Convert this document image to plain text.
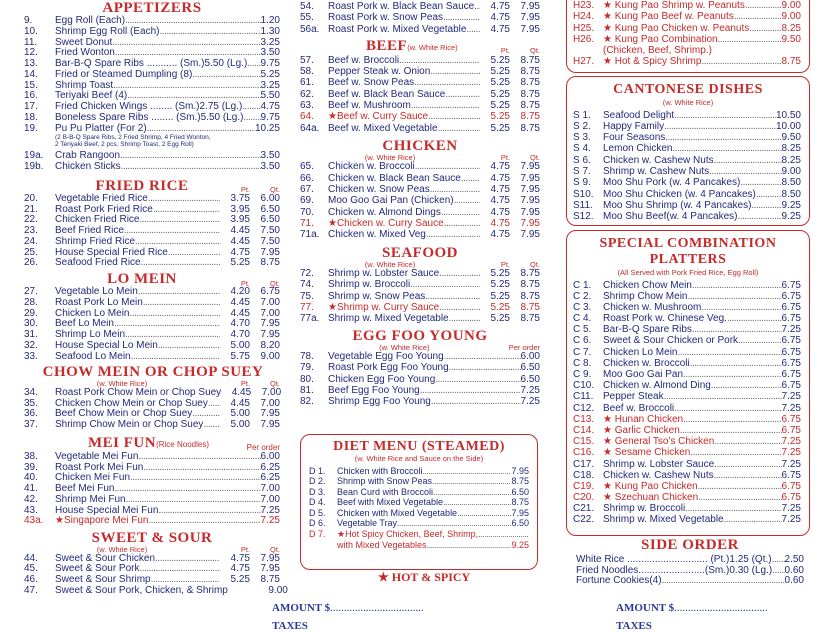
APPETIZERS
9.	Egg Roll (Each) .....	1.20
10.	Shrimp Egg Roll (Each) .....	1.30
11.	Sweet Donut .....	3.25
12.	Fried Wonton .....	3.50
13.	Bar-B-Q Spare Ribs ........... (Sm.)5.50 (Lg.) ..... 9.75
14.	Fried or Steamed Dumpling (8) .....	5.25
15.	Shrimp Toast .....	3.25
16.	Teriyaki Beef (4) .....	5.50
17.	Fried Chicken Wings ........ (Sm.)2.75 (Lg.) ..... 4.75
18.	Boneless Spare Ribs ........ (Sm.)5.50 (Lg.) ..... 9.75
19.	Pu Pu Platter (For 2) .....	10.25
(2 B-B-Q Spare Ribs, 2 Fried Shrimp, 4 Fried Wonton,
2 Teriyaki Beef, 2 pcs. Shrimp Toast, 2 Egg Roll)
19a.	Crab Rangoon .....	3.50
19b.	Chicken Sticks .....	3.50
FRIED RICE	Pt.	Qt.
20.	Vegetable Fried Rice .....	3.75	6.00
21.	Roast Pork Fried Rice .....	3.95	6.50
22.	Chicken Fried Rice .....	3.95	6.50
23.	Beef Fried Rice .....	4.45	7.50
24.	Shrimp Fried Rice .....	4.45	7.50
25.	House Special Fried Rice .....	4.75	7.95
26.	Seafood Fried Rice .....	5.25	8.75
LO MEIN	Pt.	Qt.
27.	Vegetable Lo Mein .....	4.20	6.75
28.	Roast Pork Lo Mein .....	4.45	7.00
29.	Chicken Lo Mein .....	4.45	7.00
30.	Beef Lo Mein .....	4.70	7.95
31.	Shrimp Lo Mein .....	4.70	7.95
32.	House Special Lo Mein .....	5.00	8.20
33.	Seafood Lo Mein .....	5.75	9.00
CHOW MEIN OR CHOP SUEY
(w. White Rice)	Pt.	Qt.
34.	Roast Pork Chow Mein or Chop Suey	4.45	7.00
35.	Chicken Chow Mein or Chop Suey .....	4.45	7.00
36.	Beef Chow Mein or Chop Suey .....	5.00	7.95
37.	Shrimp Chow Mein or Chop Suey .....	5.00	7.95
MEI FUN(Rice Noodles)	Per order
38.	Vegetable Mei Fun .....	6.00
39.	Roast Pork Mei Fun .....	6.25
40.	Chicken Mei Fun .....	6.25
41.	Beef Mei Fun .....	7.00
42.	Shrimp Mei Fun .....	7.00
43.	House Special Mei Fun .....	7.25
43a.	★Singapore Mei Fun .....	7.25
SWEET & SOUR
(w. White Rice)	Pt.	Qt.
44.	Sweet & Sour Chicken .....	4.75	7.95
45.	Sweet & Sour Pork .....	4.75	7.95
46.	Sweet & Sour Shrimp .....	5.25	8.75
47.	Sweet & Sour Pork, Chicken, & Shrimp	9.00
54.	Roast Pork w. Black Bean Sauce .....	4.75	7.95
55.	Roast Pork w. Snow Peas .....	4.75	7.95
56a. Roast Pork w. Mixed Vegetable .....	4.75	7.95
BEEF(w. White Rice)	Pt.	Qt.
57.	Beef w. Broccoli .....	5.25	8.75
58.	Pepper Steak w. Onion .....	5.25	8.75
61.	Beef w. Snow Peas .....	5.25	8.75
62.	Beef w. Black Bean Sauce .....	5.25	8.75
63.	Beef w. Mushroom .....	5.25	8.75
64.	★Beef w. Curry Sauce .....	5.25	8.75
64a. Beef w. Mixed Vegetable .....	5.25	8.75
CHICKEN
(w. White Rice)	Pt.	Qt.
65.	Chicken w. Broccoli .....	4.75	7.95
66.	Chicken w. Black Bean Sauce .....	4.75	7.95
67.	Chicken w. Snow Peas .....	4.75	7.95
69.	Moo Goo Gai Pan (Chicken) .....	4.75	7.95
70.	Chicken w. Almond Dings .....	4.75	7.95
71.	★Chicken w. Curry Sauce .....	4.75	7.95
71a. Chicken w. Mixed Veg .....	4.75	7.95
SEAFOOD
(w. White Rice)	Pt.	Qt.
72.	Shrimp w. Lobster Sauce .....	5.25	8.75
74.	Shrimp w. Broccoli .....	5.25	8.75
75.	Shrimp w. Snow Peas .....	5.25	8.75
77.	★Shrimp w. Curry Sauce .....	5.25	8.75
77a. Shrimp w. Mixed Vegetable .....	5.25	8.75
EGG FOO YOUNG
(w. White Rice)	Per order
78.	Vegetable Egg Foo Young .....	6.00
79.	Roast Pork Egg Foo Young .....	6.50
80.	Chicken Egg Foo Young .....	6.50
81.	Beef Egg Foo Young .....	7.25
82.	Shrimp Egg Foo Young .....	7.25
DIET MENU (STEAMED)
(w. White Rice and Sauce on the Side)
D 1.	Chicken with Broccoli .....	7.95
D 2.	Shrimp with Snow Peas .....	8.75
D 3.	Bean Curd with Broccoli .....	6.50
D 4.	Beef with Mixed Vegetable .....	8.75
D 5.	Chicken with Mixed Vegetable .....	7.95
D 6.	Vegetable Tray .....	6.50
D 7.	★Hot Spicy Chicken, Beef, Shrimp,
.....
with Mixed Vegetables .....	9.25
★ HOT & SPICY
H23. ★ Kung Pao Shrimp w. Peanuts .....	9.00
H24. ★ Kung Pao Beef w. Peanuts .....	9.00
H25. ★ Kung Pao Chicken w. Peanuts .....	8.25
H26. ★ Kung Pao Combination .....	9.50
(Chicken, Beef, Shrimp.)
H27. ★ Hot & Spicy Shrimp .....	8.75
CANTONESE DISHES
(w. White Rice)
S 1.	Seafood Delight .....	10.50
S 2.	Happy Family .....	10.00
S 3.	Four Seasons .....	9.50
S 4.	Lemon Chicken .....	8.25
S 6.	Chicken w. Cashew Nuts .....	8.25
S 7.	Shrimp w. Cashew Nuts .....	9.00
S 9.	Moo Shu Pork (w. 4 Pancakes) .....	8.50
S10. Moo Shu Chicken (w. 4 Pancakes) .....	8.50
S11.	Moo Shu Shrimp (w. 4 Pancakes) .....	9.25
S12. Moo Shu Beef(w. 4 Pancakes) .....	9.25
SPECIAL COMBINATION
PLATTERS
(All Served with Pork Fried Rice, Egg Roll)
C 1.	Chicken Chow Mein .....	6.75
C 2.	Shrimp Chow Mein .....	6.75
C 3.	Chicken w. Mushroom .....	6.75
C 4.	Roast Pork w. Chinese Veg. .....	6.75
C 5.	Bar-B-Q Spare Ribs .....	7.25
C 6.	Sweet & Sour Chicken or Pork .....	6.75
C 7.	Chicken Lo Mein .....	6.75
C 8.	Chicken w. Broccoli .....	6.75
C 9.	Moo Goo Gai Pan .....	6.75
C10. Chicken w. Almond Ding .....	6.75
C11. Pepper Steak .....	7.25
C12. Beef w. Broccoli .....	7.25
C13. ★ Hunan Chicken .....	6.75
C14. ★ Garlic Chicken .....	6.75
C15. ★ General Tso's Chicken .....	7.25
C16. ★ Sesame Chicken .....	7.25
C17. Shrimp w. Lobster Sauce .....	7.25
C18. Chicken w. Cashew Nuts .....	6.75
C19. ★ Kung Pao Chicken .....	6.75
C20. ★ Szechuan Chicken .....	6.75
C21. Shrimp w. Broccoli .....	7.25
C22. Shrimp w. Mixed Vegetable .....	7.25
SIDE ORDER
White Rice ............................. (Pt.)1.25 (Qt.) ..... 2.50
Fried Noodles........................(Sm.)0.30 (Lg.) ..... 0.60
Fortune Cookies(4) .....	0.60
AMOUNT $..................................
TAXES
AMOUNT $..................................
TAXES
